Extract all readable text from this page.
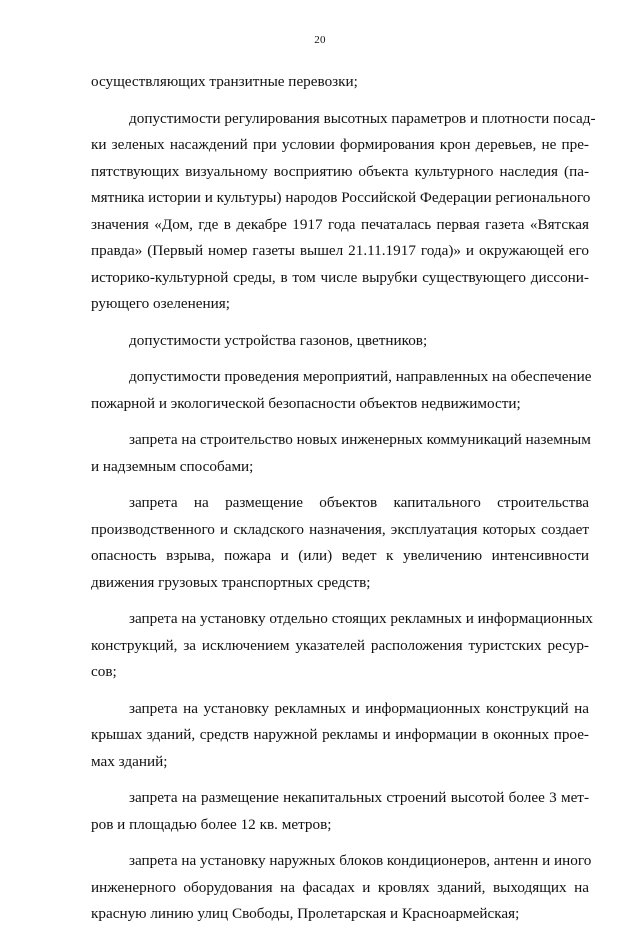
20

осуществляющих транзитные перевозки;

допустимости регулирования высотных параметров и плотности посад-
ки зеленых насаждений при условии формирования крон деревьев, не пре-
пятствующих визуальному восприятию объекта культурного наследия (па-
мятника истории и культуры) народов Российской Федерации регионального
значения «Дом, где в декабре 1917 года печаталась первая газета «Вятская
правда» (Первый номер газеты вышел 21.11.1917 года)» и окружающей его
историко-культурной среды, в том числе вырубки существующего диссони-
рующего озеленения;

допустимости устройства газонов, цветников;

допустимости проведения мероприятий, направленных на обеспечение
пожарной и экологической безопасности объектов недвижимости;

запрета на строительство новых инженерных коммуникаций наземным
и надземным способами;

запрета на размещение объектов капитального строительства
производственного и складского назначения, эксплуатация которых создает
опасность взрыва, пожара и (или) ведет к увеличению интенсивности
движения грузовых транспортных средств;

запрета на установку отдельно стоящих рекламных и информационных
конструкций, за исключением указателей расположения туристских ресур-
сов;

запрета на установку рекламных и информационных конструкций на
крышах зданий, средств наружной рекламы и информации в оконных прое-
мах зданий;

запрета на размещение некапитальных строений высотой более 3 мет-
ров и площадью более 12 кв. метров;

запрета на установку наружных блоков кондиционеров, антенн и иного
инженерного оборудования на фасадах и кровлях зданий, выходящих на
красную линию улиц Свободы, Пролетарская и Красноармейская;
